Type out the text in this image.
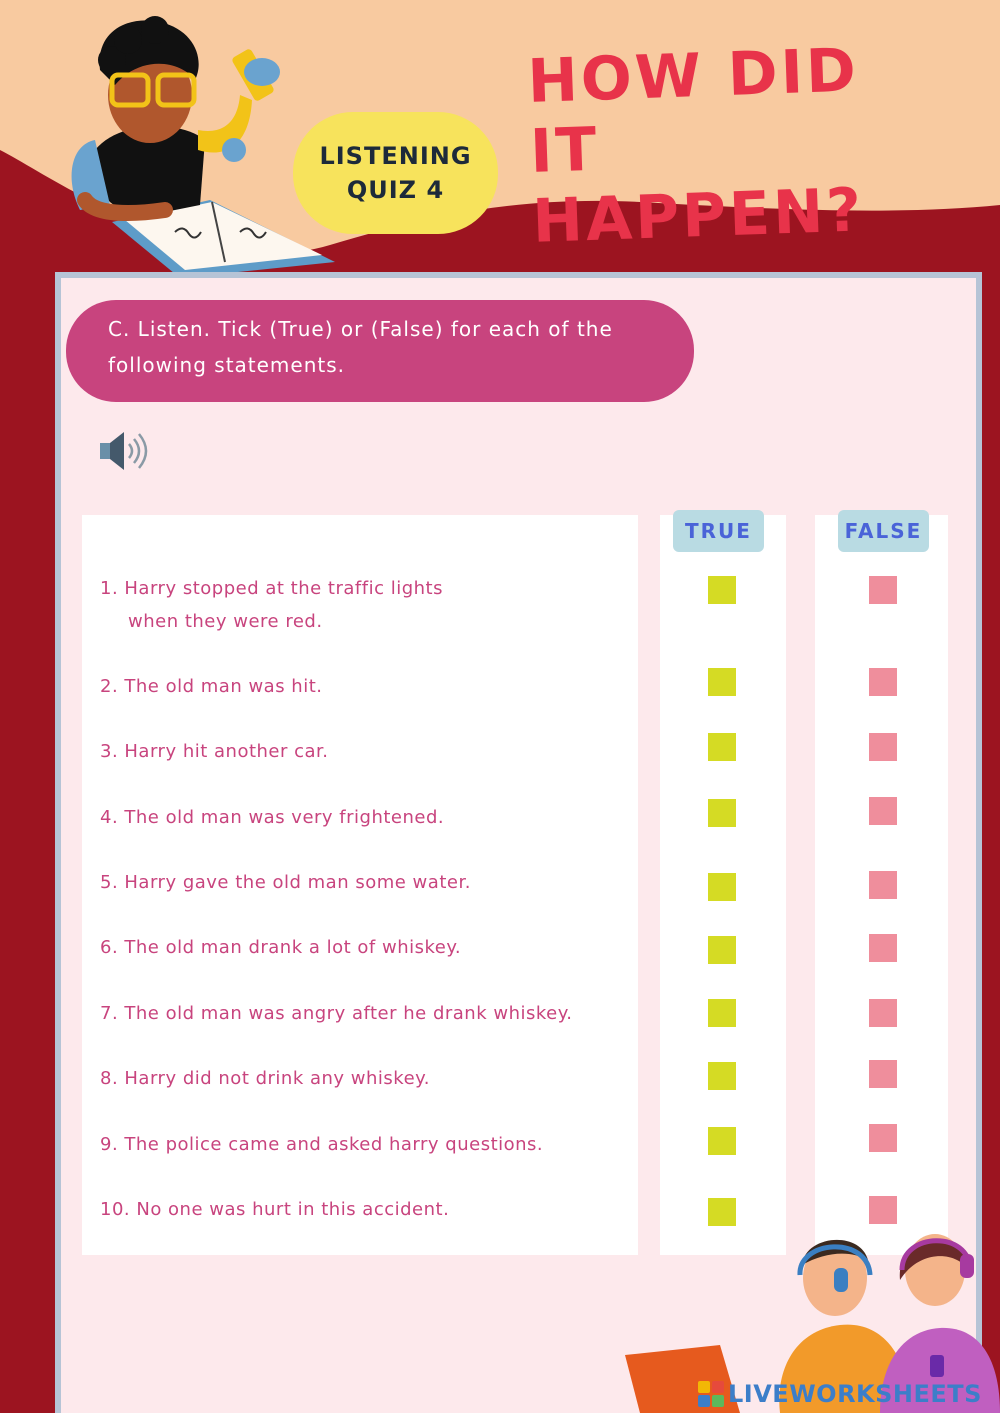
HOW DID IT
HAPPEN?
LISTENING
QUIZ 4
C. Listen. Tick (True) or (False) for each of the
following statements.
TRUE	FALSE
1. Harry stopped at the traffic lights
when they were red.
2. The old man was hit.
3. Harry hit another car.
4. The old man was very frightened.
5. Harry gave the old man some water.
6. The old man drank a lot of whiskey.
7. The old man was angry after he drank whiskey.
8. Harry did not drink any whiskey.
9. The police came and asked harry questions.
10. No one was hurt in this accident.
LIVEWORKSHEETS
